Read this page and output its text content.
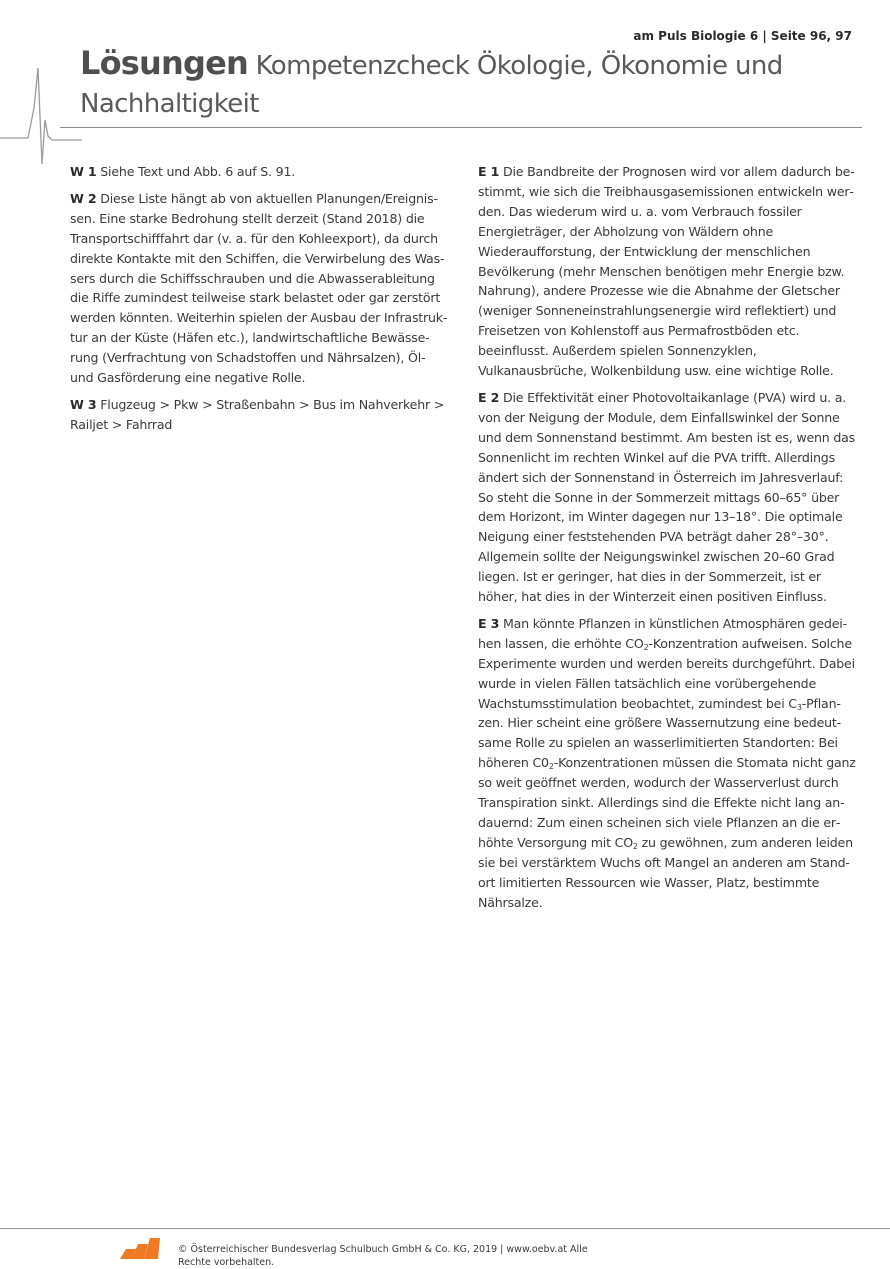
am Puls Biologie 6 | Seite 96, 97
Lösungen Kompetenzcheck Ökologie, Ökonomie und Nachhaltigkeit

W 1 Siehe Text und Abb. 6 auf S. 91.

W 2 Diese Liste hängt ab von aktuellen Planungen/Ereignissen. Eine starke Bedrohung stellt derzeit (Stand 2018) die Transportschifffahrt dar (v. a. für den Kohleexport), da durch direkte Kontakte mit den Schiffen, die Verwirbelung des Wassers durch die Schiffsschrauben und die Abwasserableitung die Riffe zumindest teilweise stark belastet oder gar zerstört werden könnten. Weiterhin spielen der Ausbau der Infrastruktur an der Küste (Häfen etc.), landwirtschaftliche Bewässerung (Verfrachtung von Schadstoffen und Nährsalzen), Öl- und Gasförderung eine negative Rolle.

W 3 Flugzeug > Pkw > Straßenbahn > Bus im Nahverkehr > Railjet > Fahrrad

E 1 Die Bandbreite der Prognosen wird vor allem dadurch bestimmt, wie sich die Treibhausgasemissionen entwickeln werden. Das wiederum wird u. a. vom Verbrauch fossiler Energieträger, der Abholzung von Wäldern ohne Wiederaufforstung, der Entwicklung der menschlichen Bevölkerung (mehr Menschen benötigen mehr Energie bzw. Nahrung), andere Prozesse wie die Abnahme der Gletscher (weniger Sonneneinstrahlungsenergie wird reflektiert) und Freisetzen von Kohlenstoff aus Permafrostböden etc. beeinflusst. Außerdem spielen Sonnenzyklen, Vulkanausbrüche, Wolkenbildung usw. eine wichtige Rolle.

E 2 Die Effektivität einer Photovoltaikanlage (PVA) wird u. a. von der Neigung der Module, dem Einfallswinkel der Sonne und dem Sonnenstand bestimmt. Am besten ist es, wenn das Sonnenlicht im rechten Winkel auf die PVA trifft. Allerdings ändert sich der Sonnenstand in Österreich im Jahresverlauf: So steht die Sonne in der Sommerzeit mittags 60–65° über dem Horizont, im Winter dagegen nur 13–18°. Die optimale Neigung einer feststehenden PVA beträgt daher 28°–30°. Allgemein sollte der Neigungswinkel zwischen 20–60 Grad liegen. Ist er geringer, hat dies in der Sommerzeit, ist er höher, hat dies in der Winterzeit einen positiven Einfluss.

E 3 Man könnte Pflanzen in künstlichen Atmosphären gedeihen lassen, die erhöhte $CO_2$-Konzentration aufweisen. Solche Experimente wurden und werden bereits durchgeführt. Dabei wurde in vielen Fällen tatsächlich eine vorübergehende Wachstumsstimulation beobachtet, zumindest bei $C_3$-Pflanzen. Hier scheint eine größere Wassernutzung eine bedeutsame Rolle zu spielen an wasserlimitierten Standorten: Bei höheren $C0_2$-Konzentrationen müssen die Stomata nicht ganz so weit geöffnet werden, wodurch der Wasserverlust durch Transpiration sinkt. Allerdings sind die Effekte nicht lang andauernd: Zum einen scheinen sich viele Pflanzen an die erhöhte Versorgung mit $CO_2$ zu gewöhnen, zum anderen leiden sie bei verstärktem Wuchs oft Mangel an anderen am Standort limitierten Ressourcen wie Wasser, Platz, bestimmte Nährsalze.

© Österreichischer Bundesverlag Schulbuch GmbH & Co. KG, 2019 | www.oebv.at Alle Rechte vorbehalten.
